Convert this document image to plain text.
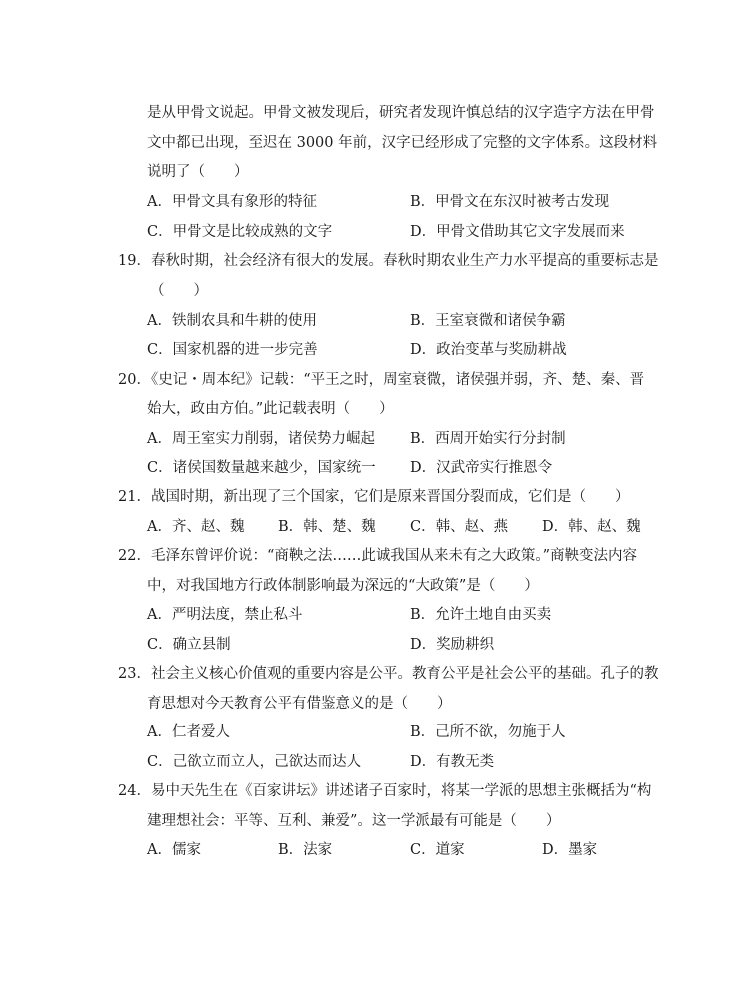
是从甲骨文说起。甲骨文被发现后，研究者发现许慎总结的汉字造字方法在甲骨
文中都已出现，至迟在 3000 年前，汉字已经形成了完整的文字体系。这段材料
说明了（　　）
A．甲骨文具有象形的特征	B．甲骨文在东汉时被考古发现
C．甲骨文是比较成熟的文字	D．甲骨文借助其它文字发展而来
19．春秋时期，社会经济有很大的发展。春秋时期农业生产力水平提高的重要标志是
（　　）
A．铁制农具和牛耕的使用	B．王室衰微和诸侯争霸
C．国家机器的进一步完善	D．政治变革与奖励耕战
20．《史记・周本纪》记载：“平王之时，周室衰微，诸侯强并弱，齐、楚、秦、晋
始大，政由方伯。”此记载表明（　　）
A．周王室实力削弱，诸侯势力崛起 B．西周开始实行分封制
C．诸侯国数量越来越少，国家统一 D．汉武帝实行推恩令
21．战国时期，新出现了三个国家，它们是原来晋国分裂而成，它们是（　　）
A．齐、赵、魏 B．韩、楚、魏 C．韩、赵、燕 D．韩、赵、魏
22．毛泽东曾评价说：“商鞅之法……此诚我国从来未有之大政策。”商鞅变法内容
中，对我国地方行政体制影响最为深远的“大政策”是（　　）
A．严明法度，禁止私斗	B．允许土地自由买卖
C．确立县制	D．奖励耕织
23．社会主义核心价值观的重要内容是公平。教育公平是社会公平的基础。孔子的教
育思想对今天教育公平有借鉴意义的是（　　）
A．仁者爱人	B．己所不欲，勿施于人
C．己欲立而立人，己欲达而达人	D．有教无类
24．易中天先生在《百家讲坛》讲述诸子百家时，将某一学派的思想主张概括为“构
建理想社会：平等、互利、兼爱”。这一学派最有可能是（　　）
A．儒家	B．法家	C．道家	D．墨家
